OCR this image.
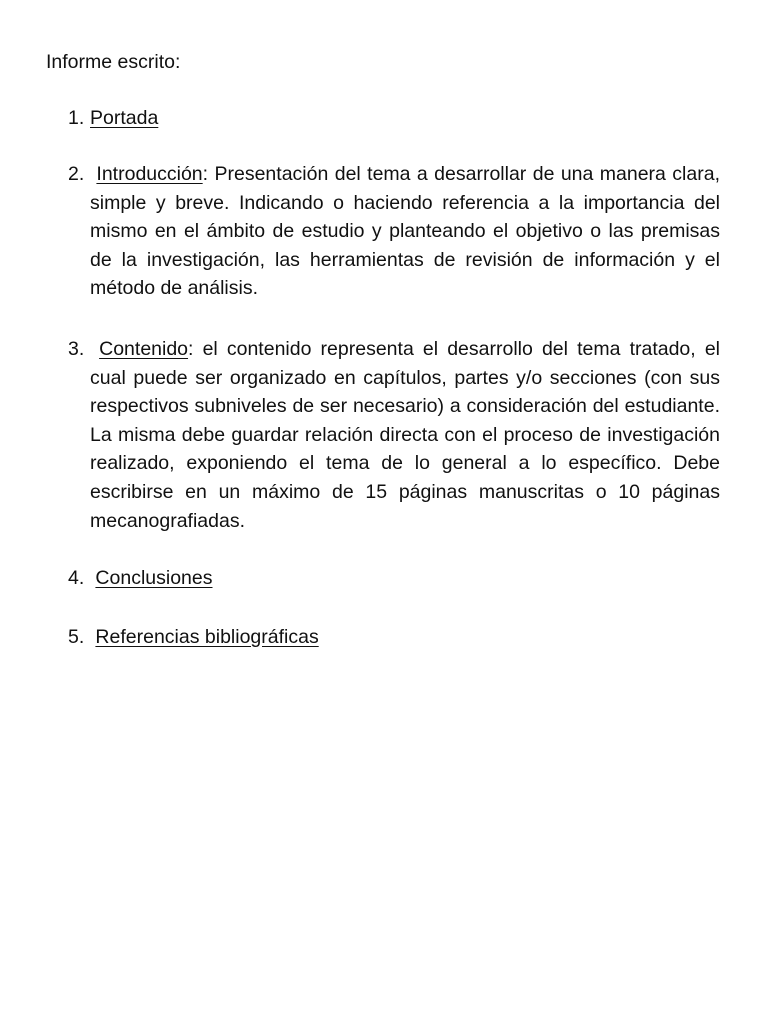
Informe escrito:

1. Portada

2. Introducción: Presentación del tema a desarrollar de una manera clara, simple y breve. Indicando o haciendo referencia a la importancia del mismo en el ámbito de estudio y planteando el objetivo o las premisas de la investigación, las herramientas de revisión de información y el método de análisis.

3. Contenido: el contenido representa el desarrollo del tema tratado, el cual puede ser organizado en capítulos, partes y/o secciones (con sus respectivos subniveles de ser necesario) a consideración del estudiante. La misma debe guardar relación directa con el proceso de investigación realizado, exponiendo el tema de lo general a lo específico. Debe escribirse en un máximo de 15 páginas manuscritas o 10 páginas mecanografiadas.

4. Conclusiones

5. Referencias bibliográficas
